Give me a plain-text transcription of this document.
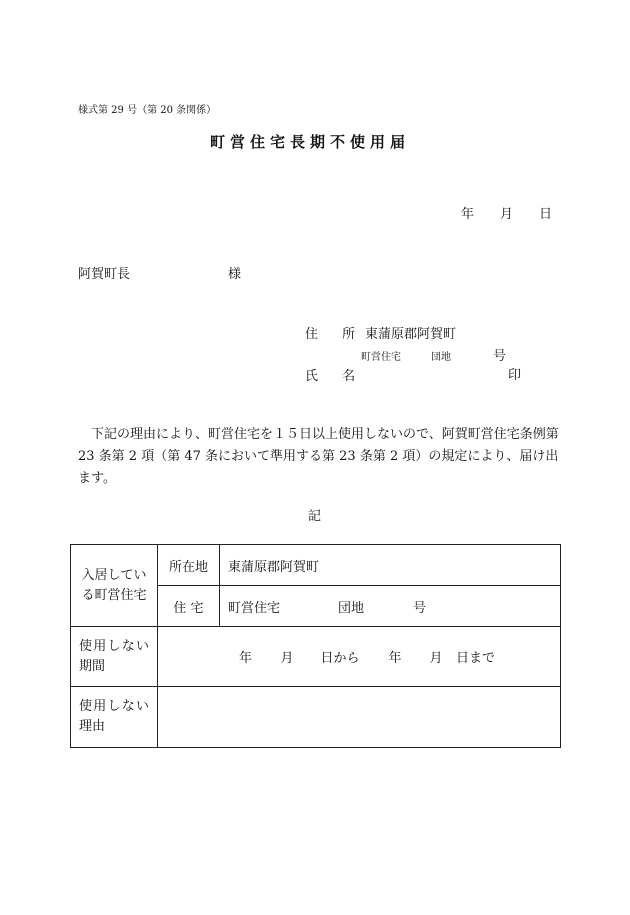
様式第 29 号（第 20 条関係）
町営住宅長期不使用届
年 月 日
阿賀町長	様
住 所東蒲原郡阿賀町
町営住宅	団地	号
氏 名	印
下記の理由により、町営住宅を１５日以上使用しないので、阿賀町営住宅条例第 23 条第 2 項（第 47 条において準用する第 23 条第 2 項）の規定により、届け出ます。
記
入居している町営住宅	所在地	東蒲原郡阿賀町
	住 宅	町営住宅 団地 号
使用しない期間	年 月 日から 年 月 日まで	
使用しない理由		
